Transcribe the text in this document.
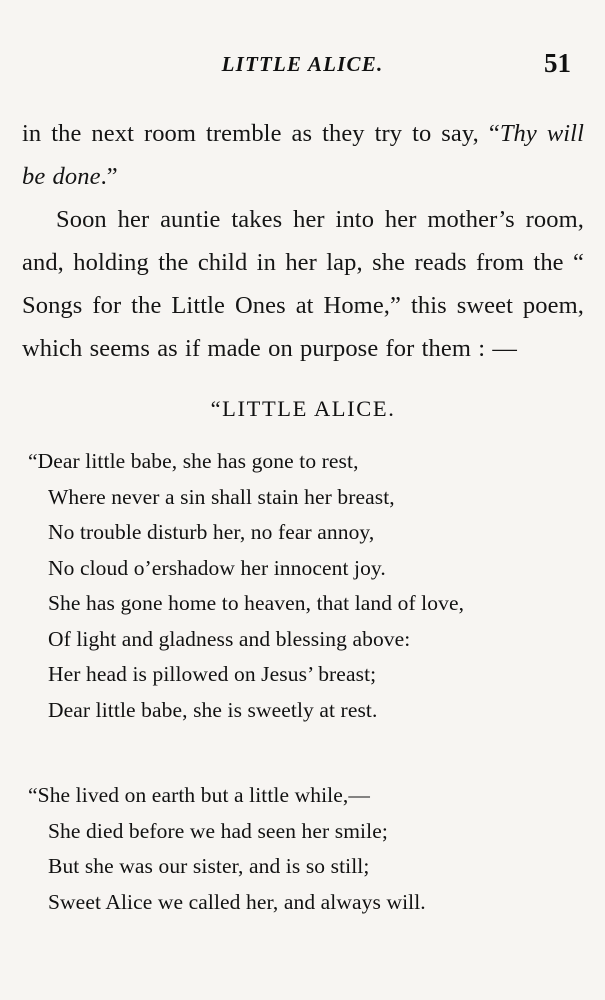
LITTLE ALICE.	51

in the next room tremble as they try to say, “Thy will be done.”

Soon her auntie takes her into her mother’s room, and, holding the child in her lap, she reads from the “ Songs for the Little Ones at Home,” this sweet poem, which seems as if made on purpose for them : —

“LITTLE ALICE.
“Dear little babe, she has gone to rest,
Where never a sin shall stain her breast,
No trouble disturb her, no fear annoy,
No cloud o’ershadow her innocent joy.
She has gone home to heaven, that land of love,
Of light and gladness and blessing above:
Her head is pillowed on Jesus’ breast;
Dear little babe, she is sweetly at rest.
“She lived on earth but a little while,—
She died before we had seen her smile;
But she was our sister, and is so still;
Sweet Alice we called her, and always will.
